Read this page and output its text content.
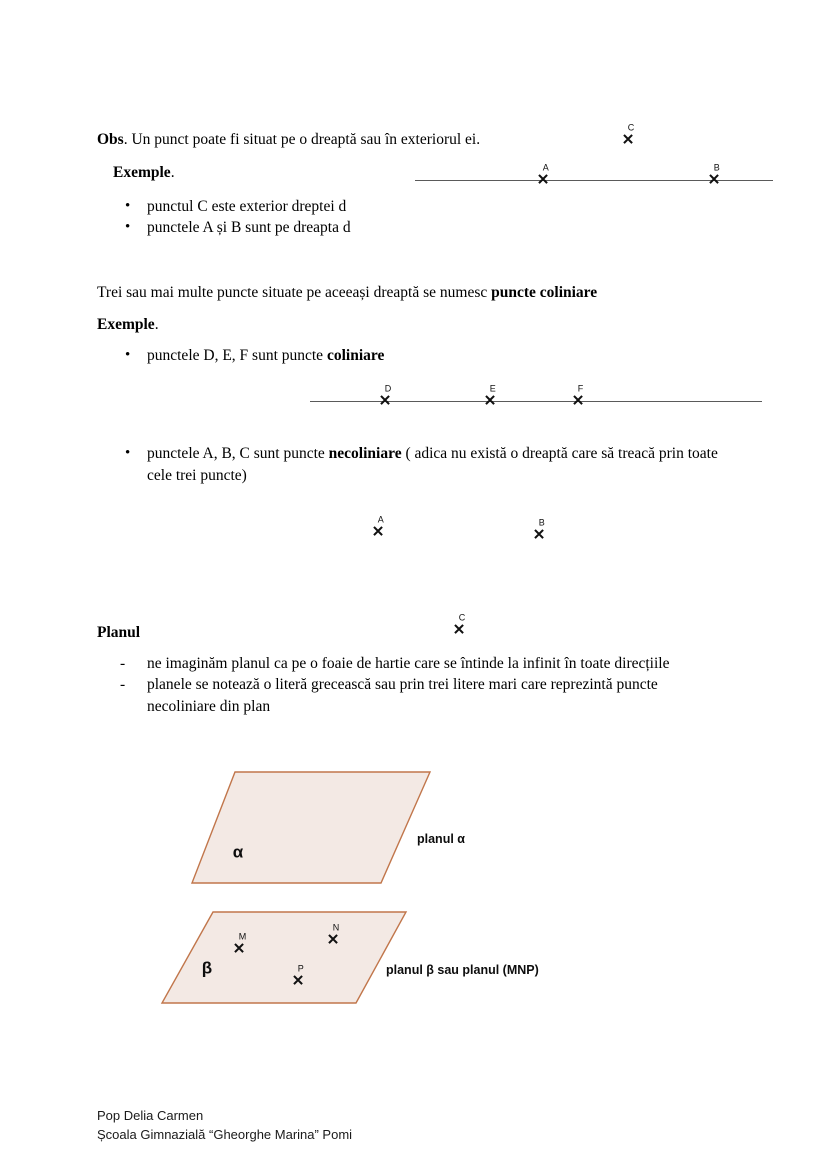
Obs. Un punct poate fi situat pe o dreaptă sau în exteriorul ei.
Exemple.
•	punctul C este exterior dreptei d
•	punctele A și B sunt pe dreapta d
✕
A
✕
B
✕
C
Trei sau mai multe puncte situate pe aceeași dreaptă se numesc puncte coliniare
Exemple.
•	punctele D, E, F sunt puncte coliniare
✕
D
✕
E
✕
F
•	punctele A, B, C sunt puncte necoliniare ( adica nu există o dreaptă care să treacă prin toate cele trei puncte)
✕
A
✕
B
✕
C
Planul
-	ne imaginăm planul ca pe o foaie de hartie care se întinde la infinit în toate direcțiile
-	planele se notează o literă grecească sau prin trei litere mari care reprezintă puncte necoliniare din plan
α
planul α
β
✕
M	✕
N
✕
P	planul β sau planul (MNP)
Pop Delia Carmen
Școala Gimnazială “Gheorghe Marina” Pomi
